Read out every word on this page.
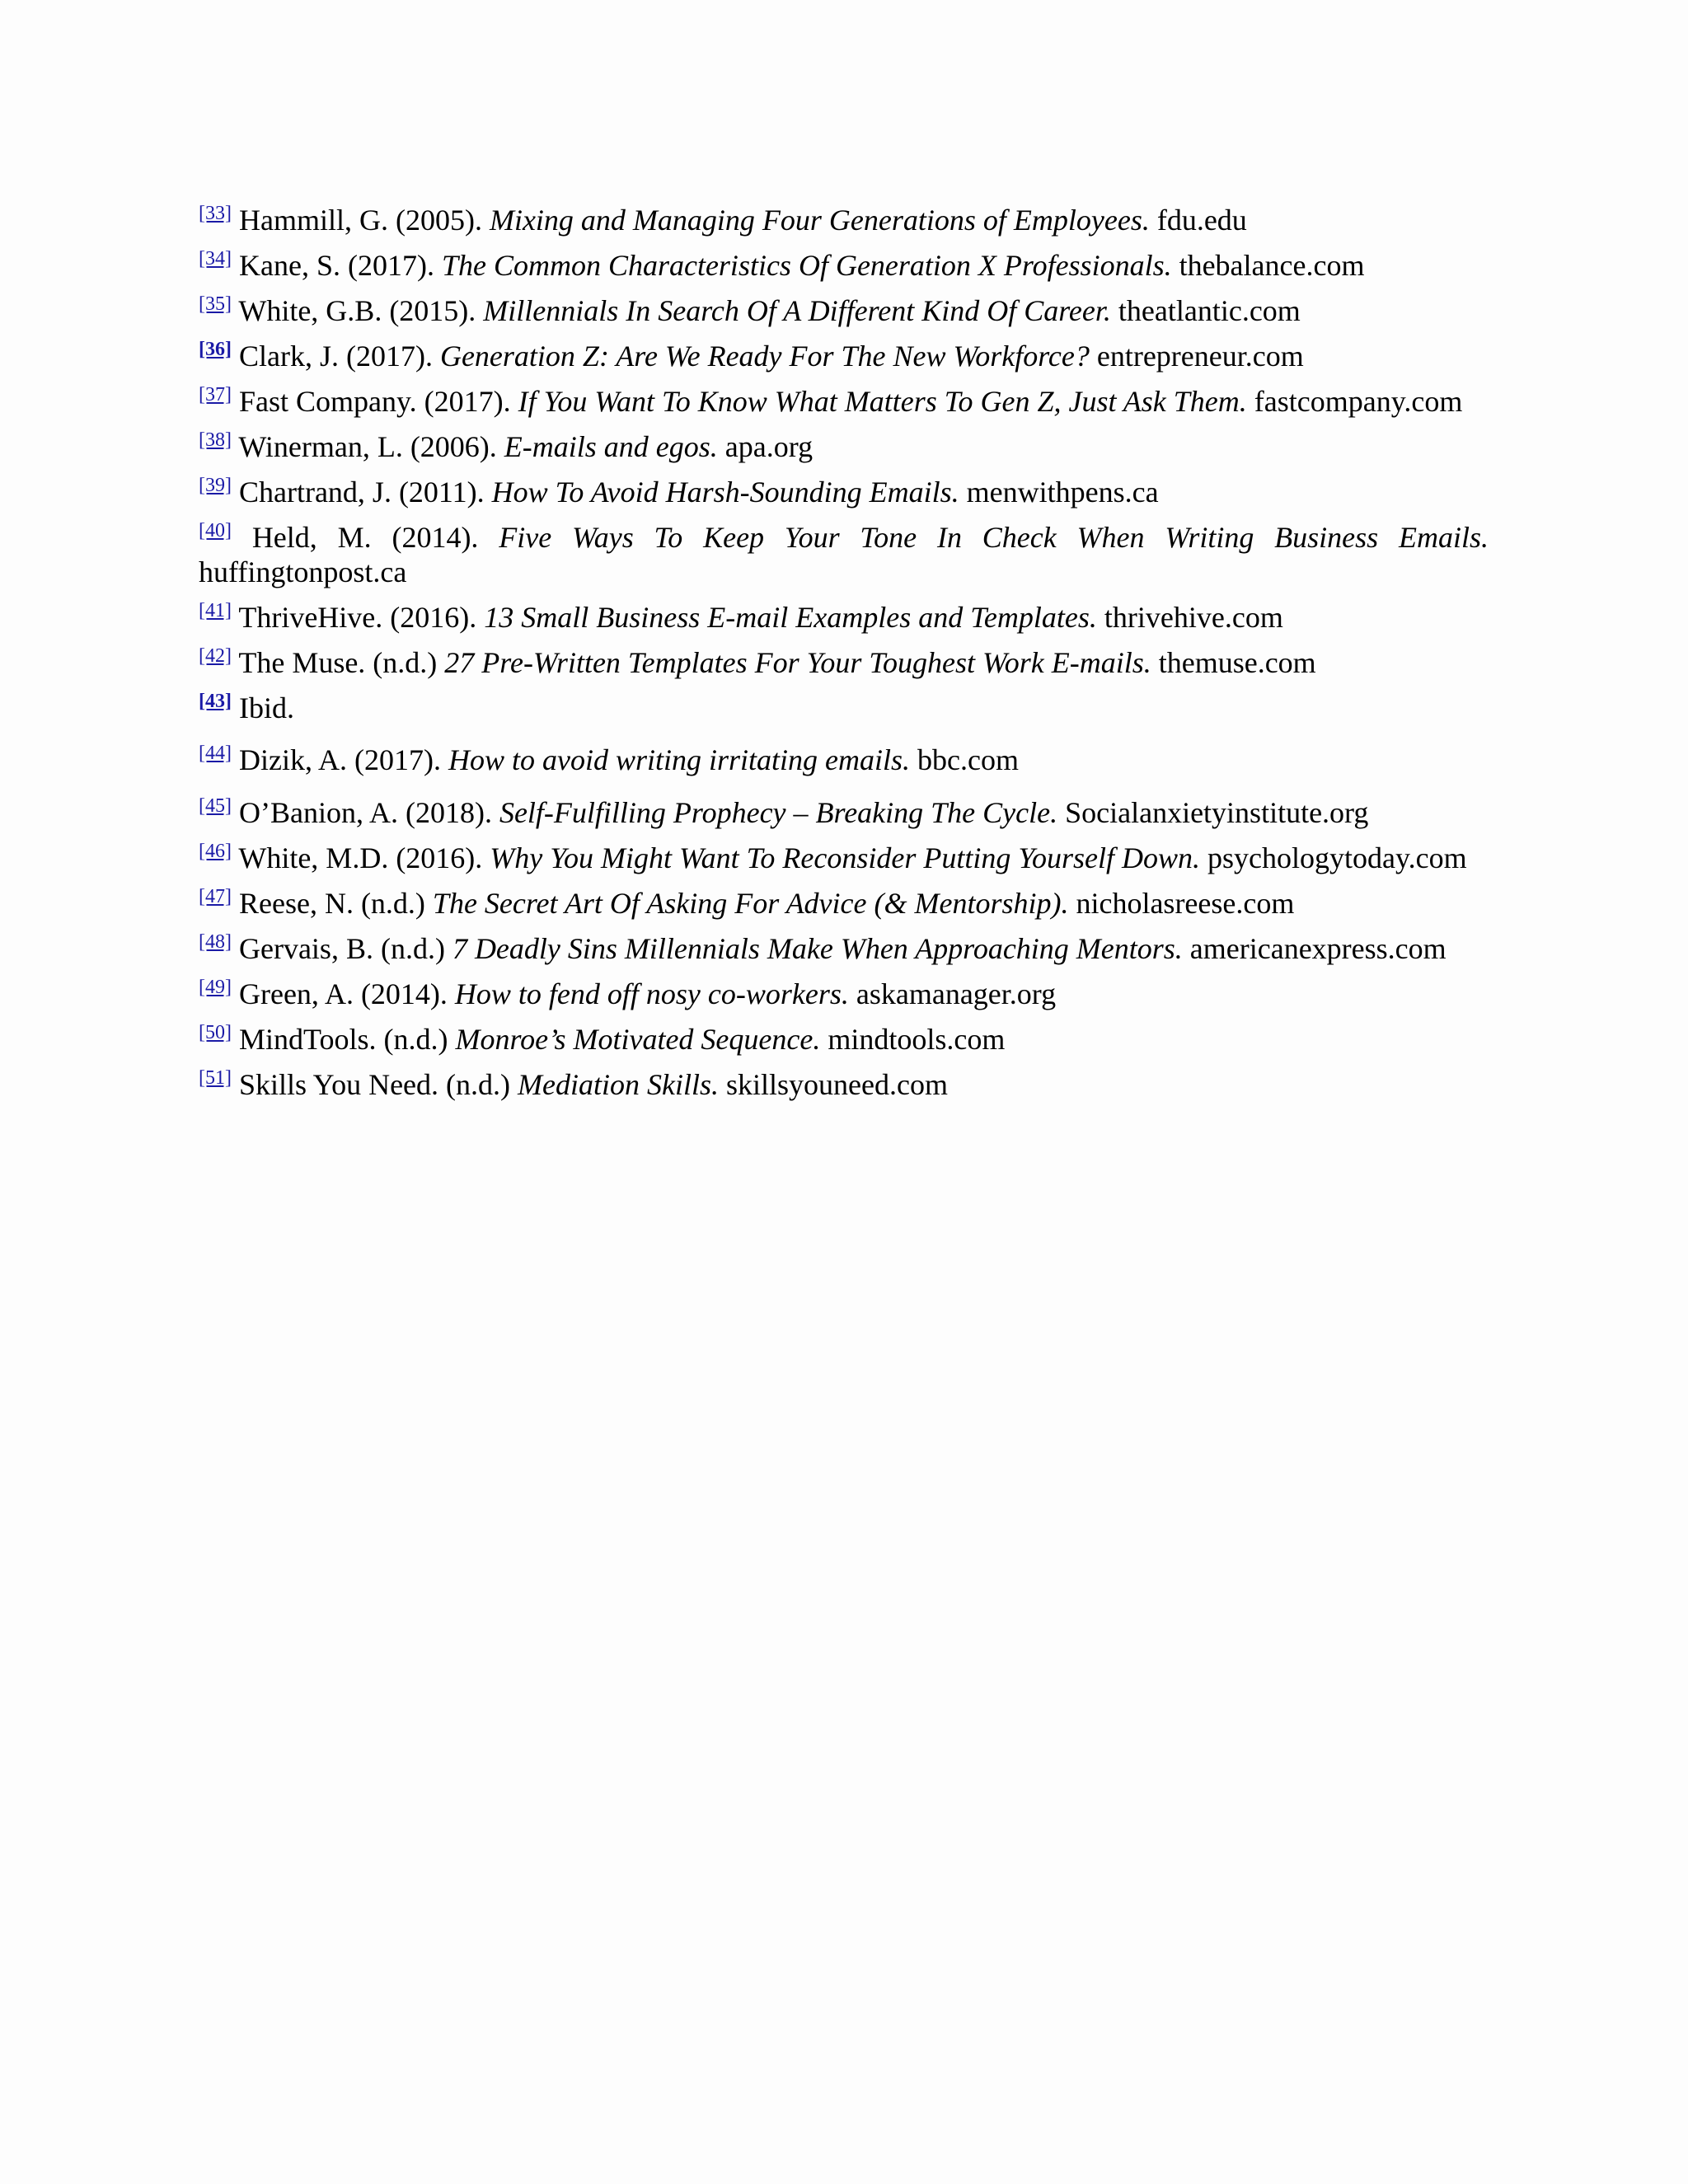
[33] Hammill, G. (2005). Mixing and Managing Four Generations of Employees. fdu.edu

[34] Kane, S. (2017). The Common Characteristics Of Generation X Professionals. thebalance.com

[35] White, G.B. (2015). Millennials In Search Of A Different Kind Of Career. theatlantic.com

[36] Clark, J. (2017). Generation Z: Are We Ready For The New Workforce? entrepreneur.com

[37] Fast Company. (2017). If You Want To Know What Matters To Gen Z, Just Ask Them. fastcompany.com

[38] Winerman, L. (2006). E-mails and egos. apa.org

[39] Chartrand, J. (2011). How To Avoid Harsh-Sounding Emails. menwithpens.ca

[40] Held, M. (2014). Five Ways To Keep Your Tone In Check When Writing Business Emails. huffingtonpost.ca

[41] ThriveHive. (2016). 13 Small Business E-mail Examples and Templates. thrivehive.com

[42] The Muse. (n.d.) 27 Pre-Written Templates For Your Toughest Work E-mails. themuse.com

[43] Ibid.

[44] Dizik, A. (2017). How to avoid writing irritating emails. bbc.com

[45] O’Banion, A. (2018). Self-Fulfilling Prophecy – Breaking The Cycle. Socialanxietyinstitute.org

[46] White, M.D. (2016). Why You Might Want To Reconsider Putting Yourself Down. psychologytoday.com

[47] Reese, N. (n.d.) The Secret Art Of Asking For Advice (& Mentorship). nicholasreese.com

[48] Gervais, B. (n.d.) 7 Deadly Sins Millennials Make When Approaching Mentors. americanexpress.com

[49] Green, A. (2014). How to fend off nosy co-workers. askamanager.org

[50] MindTools. (n.d.) Monroe’s Motivated Sequence. mindtools.com

[51] Skills You Need. (n.d.) Mediation Skills. skillsyouneed.com
